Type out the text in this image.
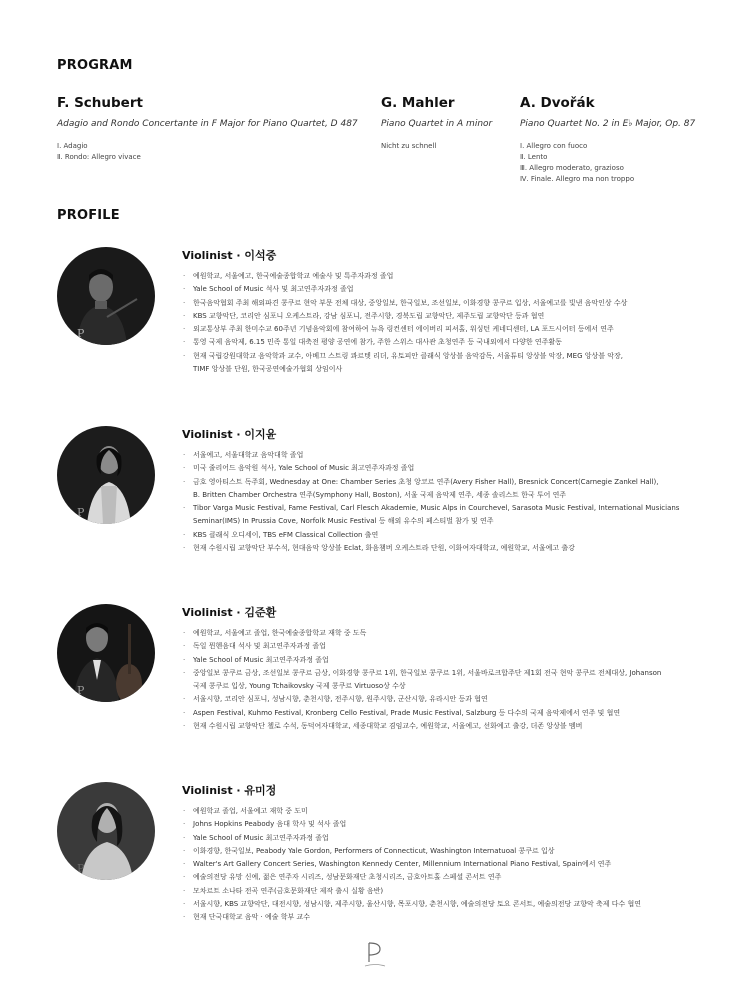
PROGRAM
F. Schubert
Adagio and Rondo Concertante in F Major for Piano Quartet, D 487
Ⅰ. Adagio
Ⅱ. Rondo: Allegro vivace
G. Mahler
Piano Quartet in A minor
Nicht zu schnell
A. Dvořák
Piano Quartet No. 2 in E♭ Major, Op. 87
Ⅰ. Allegro con fuoco
Ⅱ. Lento
Ⅲ. Allegro moderato, grazioso
Ⅳ. Finale. Allegro ma non troppo
PROFILE
P
Violinist · 이석중
· 예원학교, 서울예고, 한국예술종합학교 예술사 및 특주자과정 졸업
· Yale School of Music 석사 및 최고연주자과정 졸업
· 한국음악협회 주최 해외파견 콩쿠르 현악 부문 전체 대상, 중앙일보, 한국일보, 조선일보, 이화경향 콩쿠르 입상, 서울예고를 빛낸 음악인상 수상
· KBS 교향악단, 코리안 심포니 오케스트라, 강남 심포니, 전주시향, 경북도립 교향악단, 제주도립 교향악단 등과 협연
· 외교통상부 주최 한미수교 60주년 기념음악회에 참여하여 뉴욕 링컨센터 에이버리 피셔홀, 워싱턴 케네디센터, LA 포드시어터 등에서 연주
· 통영 국제 음악제, 6.15 민족 통일 대축전 평양 공연에 참가, 주한 스위스 대사관 초청연주 등 국내외에서 다양한 연주활동
· 현재 국립강원대학교 음악학과 교수, 아베끄 스트링 콰르텟 리더, 유토피안 클래식 앙상블 음악감독, 서울튜티 앙상블 악장, MEG 앙상블 악장,
TIMF 앙상블 단원, 한국공연예술가협회 상임이사
P
Violinist · 이지윤
· 서울예고, 서울대학교 음악대학 졸업
· 미국 줄리어드 음악원 석사, Yale School of Music 최고연주자과정 졸업
· 금호 영아티스트 독주회, Wednesday at One: Chamber Series 초청 앙코르 연주(Avery Fisher Hall), Bresnick Concert(Carnegie Zankel Hall),
B. Britten Chamber Orchestra 연주(Symphony Hall, Boston), 서울 국제 음악제 연주, 세종 솔리스트 한국 투어 연주
· Tibor Varga Music Festival, Fame Festival, Carl Flesch Akademie, Music Alps in Courchevel, Sarasota Music Festival, International Musicians
Seminar(IMS) In Prussia Cove, Norfolk Music Festival 등 해외 유수의 페스티벌 참가 및 연주
· KBS 클래식 오디세이, TBS eFM Classical Collection 출연
· 현재 수원시립 교향악단 부수석, 현대음악 앙상블 Eclat, 화음챔버 오케스트라 단원, 이화여자대학교, 예원학교, 서울예고 출강
P
Violinist · 김준환
· 예원학교, 서울예고 졸업, 한국예술종합학교 재학 중 도독
· 독일 뮌헨음대 석사 및 최고연주자과정 졸업
· Yale School of Music 최고연주자과정 졸업
· 중앙일보 콩쿠르 금상, 조선일보 콩쿠르 금상, 이화경향 콩쿠르 1위, 한국일보 콩쿠르 1위, 서울바로크합주단 제1회 전국 현악 콩쿠르 전체대상, Johanson
국제 콩쿠르 입상, Young Tchaikovsky 국제 콩쿠르 Virtuoso상 수상
· 서울시향, 코리안 심포니, 성남시향, 춘천시향, 전주시향, 원주시향, 군산시향, 유라시안 등과 협연
· Aspen Festival, Kuhmo Festival, Kronberg Cello Festival, Prade Music Festival, Salzburg 등 다수의 국제 음악제에서 연주 및 협연
· 현재 수원시립 교향악단 첼로 수석, 동덕여자대학교, 세종대학교 겸임교수, 예원학교, 서울예고, 선화예고 출강, 더존 앙상블 멤버
P
Violinist · 유미정
· 예원학교 졸업, 서울예고 재학 중 도미
· Johns Hopkins Peabody 음대 학사 및 석사 졸업
· Yale School of Music 최고연주자과정 졸업
· 이화경향, 한국일보, Peabody Yale Gordon, Performers of Connecticut, Washington Internatuoal 콩쿠르 입상
· Walter's Art Gallery Concert Series, Washington Kennedy Center, Millennium International Piano Festival, Spain에서 연주
· 예술의전당 유망 신예, 젊은 연주자 시리즈, 성남문화재단 초청시리즈, 금호아트홀 스페셜 콘서트 연주
· 모차르트 소나타 전곡 연주(금호문화재단 제작 출시 실황 음반)
· 서울시향, KBS 교향악단, 대전시향, 성남시향, 제주시향, 울산시향, 목포시향, 춘천시향, 예술의전당 토요 콘서트, 예술의전당 교향악 축제 다수 협연
· 현재 단국대학교 음악 · 예술 학부 교수
